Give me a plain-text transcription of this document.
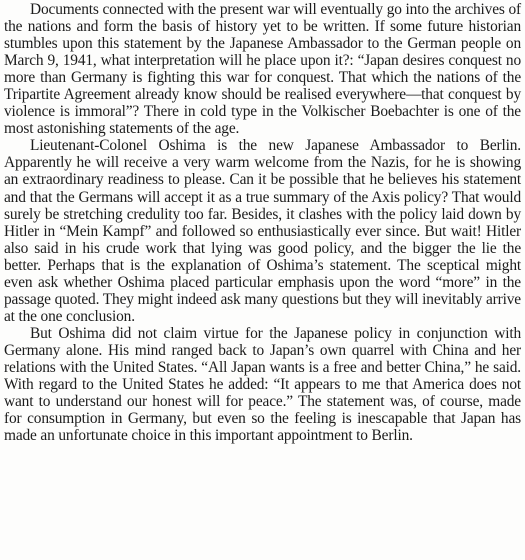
Documents connected with the present war will eventually go into the archives of the nations and form the basis of history yet to be written. If some future historian stumbles upon this statement by the Japanese Ambassador to the German people on March 9, 1941, what interpretation will he place upon it?: “Japan desires conquest no more than Germany is fighting this war for conquest. That which the nations of the Tripartite Agreement already know should be realised everywhere—that conquest by violence is immoral”? There in cold type in the Volkischer Boebachter is one of the most astonishing statements of the age.

Lieutenant-Colonel Oshima is the new Japanese Ambassador to Berlin. Apparently he will receive a very warm welcome from the Nazis, for he is showing an extraordinary readiness to please. Can it be possible that he believes his statement and that the Germans will accept it as a true summary of the Axis policy? That would surely be stretching credulity too far. Besides, it clashes with the policy laid down by Hitler in “Mein Kampf” and followed so enthusiastically ever since. But wait! Hitler also said in his crude work that lying was good policy, and the bigger the lie the better. Perhaps that is the explanation of Oshima’s statement. The sceptical might even ask whether Oshima placed particular emphasis upon the word “more” in the passage quoted. They might indeed ask many questions but they will inevitably arrive at the one conclusion.

But Oshima did not claim virtue for the Japanese policy in conjunction with Germany alone. His mind ranged back to Japan’s own quarrel with China and her relations with the United States. “All Japan wants is a free and better China,” he said. With regard to the United States he added: “It appears to me that America does not want to understand our honest will for peace.” The statement was, of course, made for consumption in Germany, but even so the feeling is inescapable that Japan has made an unfortunate choice in this important appointment to Berlin.
